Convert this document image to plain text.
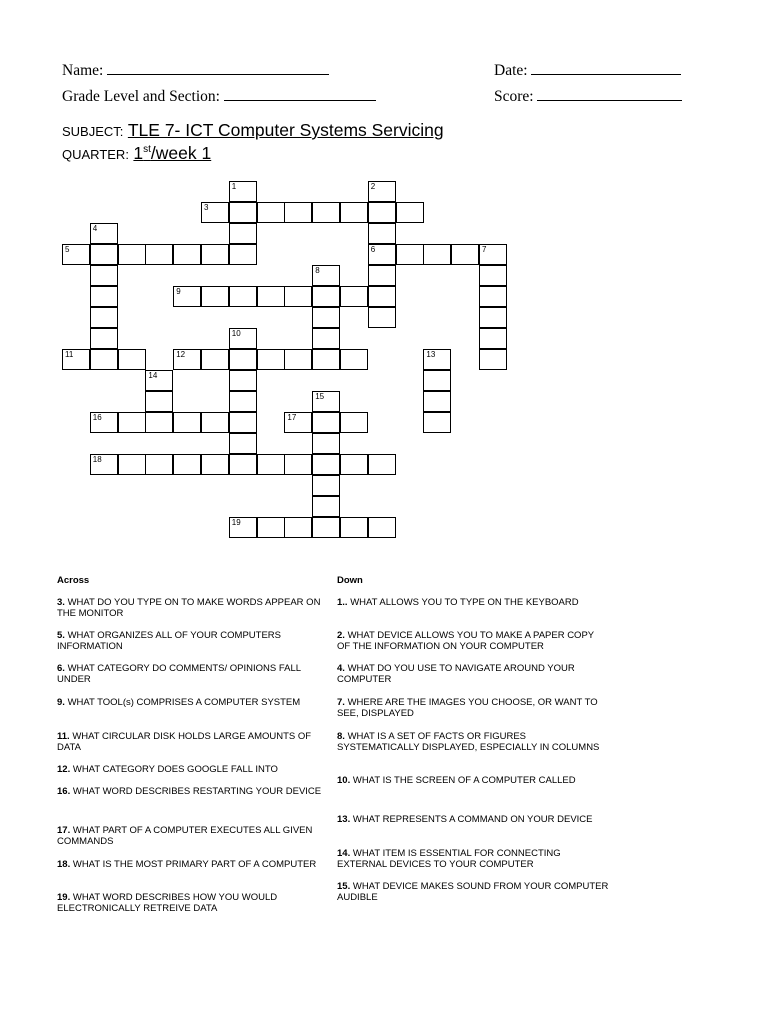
Name:	Date:
Grade Level and Section:	Score:
SUBJECT: TLE 7- ICT Computer Systems Servicing
QUARTER: 1st/week 1
3
5	6	7
9
11	12
16	17
18
19
1	2
4
8
10
13
14
15
Across	Down
3. WHAT DO YOU TYPE ON TO MAKE WORDS APPEAR ON THE MONITOR
5. WHAT ORGANIZES ALL OF YOUR COMPUTERS INFORMATION
6. WHAT CATEGORY DO COMMENTS/ OPINIONS FALL UNDER
9. WHAT TOOL(s) COMPRISES A COMPUTER SYSTEM
11. WHAT CIRCULAR DISK HOLDS LARGE AMOUNTS OF DATA
12. WHAT CATEGORY DOES GOOGLE FALL INTO
16. WHAT WORD DESCRIBES RESTARTING YOUR DEVICE
17. WHAT PART OF A COMPUTER EXECUTES ALL GIVEN COMMANDS
18. WHAT IS THE MOST PRIMARY PART OF A COMPUTER
19. WHAT WORD DESCRIBES HOW YOU WOULD ELECTRONICALLY RETREIVE DATA
1.. WHAT ALLOWS YOU TO TYPE ON THE KEYBOARD
2. WHAT DEVICE ALLOWS YOU TO MAKE A PAPER COPY OF THE INFORMATION ON YOUR COMPUTER
4. WHAT DO YOU USE TO NAVIGATE AROUND YOUR COMPUTER
7. WHERE ARE THE IMAGES YOU CHOOSE, OR WANT TO SEE, DISPLAYED
8. WHAT IS A SET OF FACTS OR FIGURES SYSTEMATICALLY DISPLAYED, ESPECIALLY IN COLUMNS
10. WHAT IS THE SCREEN OF A COMPUTER CALLED
13. WHAT REPRESENTS A COMMAND ON YOUR DEVICE
14. WHAT ITEM IS ESSENTIAL FOR CONNECTING EXTERNAL DEVICES TO YOUR COMPUTER
15. WHAT DEVICE MAKES SOUND FROM YOUR COMPUTER AUDIBLE
